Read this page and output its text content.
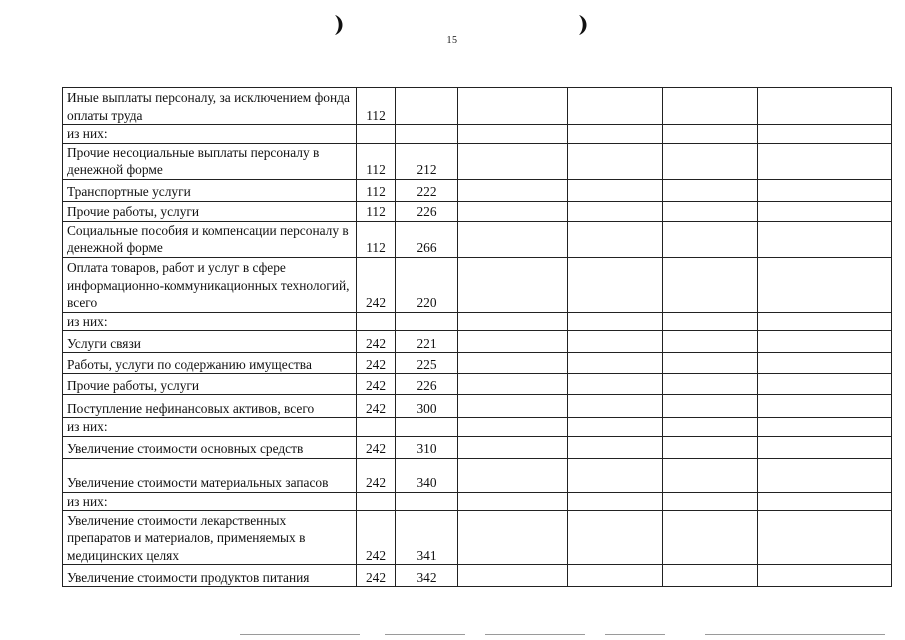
15
Иные выплаты персоналу, за исключением фонда оплаты труда	112					
из них:						
Прочие несоциальные выплаты персоналу в денежной форме	112	212				
Транспортные услуги	112	222				
Прочие работы, услуги	112	226				
Социальные пособия и компенсации персоналу в денежной форме	112	266				
Оплата товаров, работ и услуг в сфере информационно-коммуникационных технологий, всего	242	220				
из них:						
Услуги связи	242	221				
Работы, услуги по содержанию имущества	242	225				
Прочие работы, услуги	242	226				
Поступление нефинансовых активов, всего	242	300				
из них:						
Увеличение стоимости основных средств	242	310				
Увеличение стоимости материальных запасов	242	340				
из них:						
Увеличение стоимости лекарственных препаратов и материалов, применяемых в медицинских целях	242	341				
Увеличение стоимости продуктов питания	242	342				
